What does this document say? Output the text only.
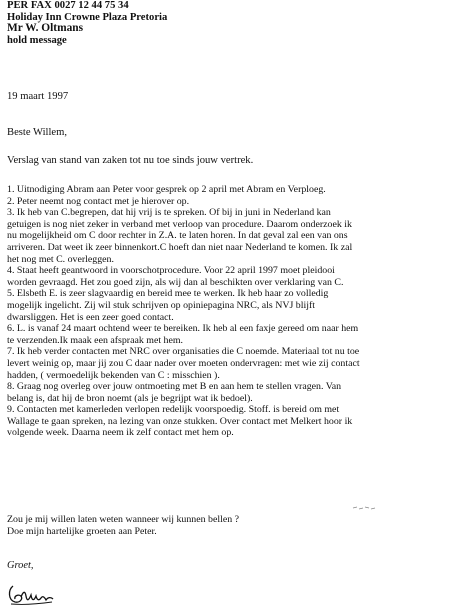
PER FAX 0027 12 44 75 34
Holiday Inn Crowne Plaza Pretoria
Mr W. Oltmans
hold message
19 maart 1997
Beste Willem,
Verslag van stand van zaken tot nu toe sinds jouw vertrek.
1. Uitnodiging Abram aan Peter voor gesprek op 2 april met Abram en Verploeg.
2. Peter neemt nog contact met je hierover op.
3. Ik heb van C.begrepen, dat hij vrij is te spreken. Of bij in juni in Nederland kan
getuigen is nog niet zeker in verband met verloop van procedure. Daarom onderzoek ik
nu mogelijkheid om C door rechter in Z.A. te laten horen. In dat geval zal een van ons
arriveren. Dat weet ik zeer binnenkort.C hoeft dan niet naar Nederland te komen. Ik zal
het nog met C. overleggen.
4. Staat heeft geantwoord in voorschotprocedure. Voor 22 april 1997 moet pleidooi
worden gevraagd. Het zou goed zijn, als wij dan al beschikten over verklaring van C.
5. Elsbeth E. is zeer slagvaardig en bereid mee te werken. Ik heb haar zo volledig
mogelijk ingelicht. Zij wil stuk schrijven op opiniepagina NRC, als NVJ blijft
dwarsliggen. Het is een zeer goed contact.
6. L. is vanaf 24 maart ochtend weer te bereiken. Ik heb al een faxje gereed om naar hem
te verzenden.Ik maak een afspraak met hem.
7. Ik heb verder contacten met NRC over organisaties die C noemde. Materiaal tot nu toe
levert weinig op, maar jij zou C daar nader over moeten ondervragen: met wie zij contact
hadden, ( vermoedelijk bekenden van C : misschien ).
8. Graag nog overleg over jouw ontmoeting met B en aan hem te stellen vragen. Van
belang is, dat hij de bron noemt (als je begrijpt wat ik bedoel).
9. Contacten met kamerleden verlopen redelijk voorspoedig. Stoff. is bereid om met
Wallage te gaan spreken, na lezing van onze stukken. Over contact met Melkert hoor ik
volgende week. Daarna neem ik zelf contact met hem op.
Zou je mij willen laten weten wanneer wij kunnen bellen ?
Doe mijn hartelijke groeten aan Peter.
Groet,
